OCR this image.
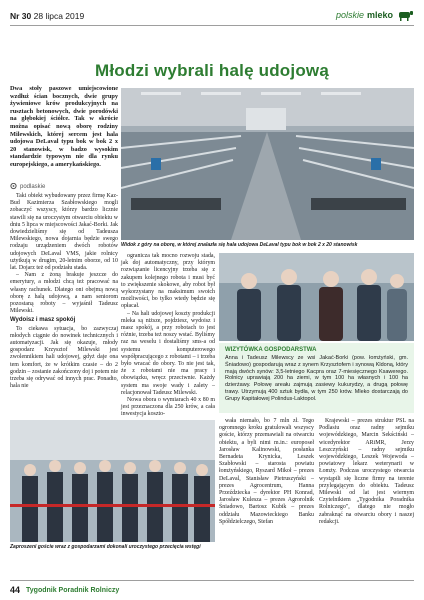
Nr 30 28 lipca 2019	polskie mleko
Młodzi wybrali halę udojową
Dwa stoły paszowe umiejscowione wzdłuż ścian bocznych, dwie grupy żywieniowe krów produkcyjnych na rusztach betonowych, dwie porodówki na głębokiej ściółce. Tak w skrócie można opisać nową oborę rodziny Milewskich, której sercem jest hala udojowa DeLaval typu bok w bok 2 x 20 stanowisk, w badzo wysokim standardzie typowym nie dla rynku europejskiego, a amerykańskiego.
podlaskie

Taki obiekt wybudowany przez firmę Kaz-Bud Kazimierza Szabłowskiego mogli zobaczyć wszyscy, którzy bardzo licznie stawili się na uroczystym otwarciu obiektu w dniu 5 lipca w miejscowości Jakać-Borki. Jak dowiedzieliśmy się od Tadeusza Milewskiego, nowa dojarnia będzie swego rodzaju urządzeniem dwóch robotów udojowych DeLaval VMS, jakie rolnicy użytkują w drugim, 20-letnim oborze, od 10 lat. Dojarz też od podziału stada.

– Nam z żoną brakuje jeszcze do emerytury, a młodzi chcą też pracować na własny rachunek. Dlatego oni obejmą nową oborę z halą udojową, a nam seniorom pozostaną roboty – wyjaśnił Tadeusz Milewski.

Wydoisz i masz spokój

To ciekawa sytuacja, bo zazwyczaj młodych ciągnie do nowinek technicznych i automatyzacji. Jak się okazuje, młody gospodarz Krzysztof Milewski jest zwolennikiem hali udojowej, gdyż daje ona tem komfort, że w krótkim czasie – do 2 godzin – zostanie zakończony doj i potem nie trzeba się odrywać od innych prac. Ponadto, hala nie

Widok z góry na oborę, w której znalazła się hala udojowa DeLaval typu bok w bok 2 x 20 stanowisk

ogranicza tak mocno rozwoju stada, jak doj automatyczny, przy którym rozwiązanie licencyjny trzeba się z zakupem kolejnego robota i musi być to zwiększenie skokowe, aby robot był wykorzystany na maksimum swoich możliwości, bo tylko wtedy będzie się opłacał.

– Na hali udojowej koszty produkcji mleka są niższe, pojdziesz, wydoisz i masz spokój, a przy robotach to jest różnie, trzeba też noszy wstać. Byliśmy raz na weselu i dostaliśmy sms-a od systemu komputerowego współpracującego z robotami – i trzeba było wracać do obory. To nie jest tak, że z robotami nie ma pracy i obowiązku, wręcz przeciwnie. Każdy system ma swoje wady i zalety – relacjonował Tadeusz Milewski.

Nowa obora o wymiarach 40 x 80 m jest przeznaczona dla 250 krów, a cała inwestycja koszto-

WIZYTÓWKA GOSPODARSTWA
Anna i Tadeusz Milewscy ze wsi Jakać-Borki (pow. łomżyński, gm. Śniadowo) gospodarują wraz z synem Krzysztofem i synową Kldoną, który mają dwóch synów: 3,5-letniego Kacpra oraz 7-miesięcznego Ksawerego. Rolnicy uprawiają 200 ha ziemi, w tym 100 ha własnych i 100 ha dzierżawy. Połowę areału zajmują zasiewy kukurydzy, a drugą połowę trawy. Utrzymują 400 sztuk bydła, w tym 250 krów. Mleko dostarczają do Grupy Kapitałowej Polindus-Laktopol.
Zaproszeni goście wraz z gospodarzami dokonali uroczystego przecięcia wstęgi

wała niemało, bo 7 mln zł. Tego ogromnego kroku gratulowali wszyscy goście, którzy przemawiali na otwarciu obiektu, a byli nimi m.in.: europoseł Jarosław Kalinowski, posłanka Bernadeta Krynicka, Leszek Szabłowski – starosta powiatu łomżyńskiego, Ryszard Mikoł – prezes DeLaval, Stanisław Pietruszyński – prezes Agrocentrum, Hanna Przeździecka – dyrektor PH Konrad, Jarosław Kulesza – prezes Agrorolnik Śniadowo, Bartosz Kubik – prezes oddziału Mazowieckiego Banku Spółdzielczego, Stefan

Krajewski – prezes struktur PSL na Podlasiu oraz radny sejmiku wojewódzkiego, Marcin Sekściński – wicedyrektor ARiMR, Jerzy Leszczyński – radny sejmiku wojewódzkiego, Leszek Wojewoda – powiatowy lekarz weterynarii w Łomży. Podczas uroczystego otwarcia wystąpili się liczne firmy na terenie przylegającym do obiektu. Tadeusz Milewski od lat jest wiernym Czytelnikiem „Tygodnika Poradnika Rolniczego", dlatego nie mogło zabraknąć na otwarciu obory i naszej redakcji.

44 Tygodnik Poradnik Rolniczy
